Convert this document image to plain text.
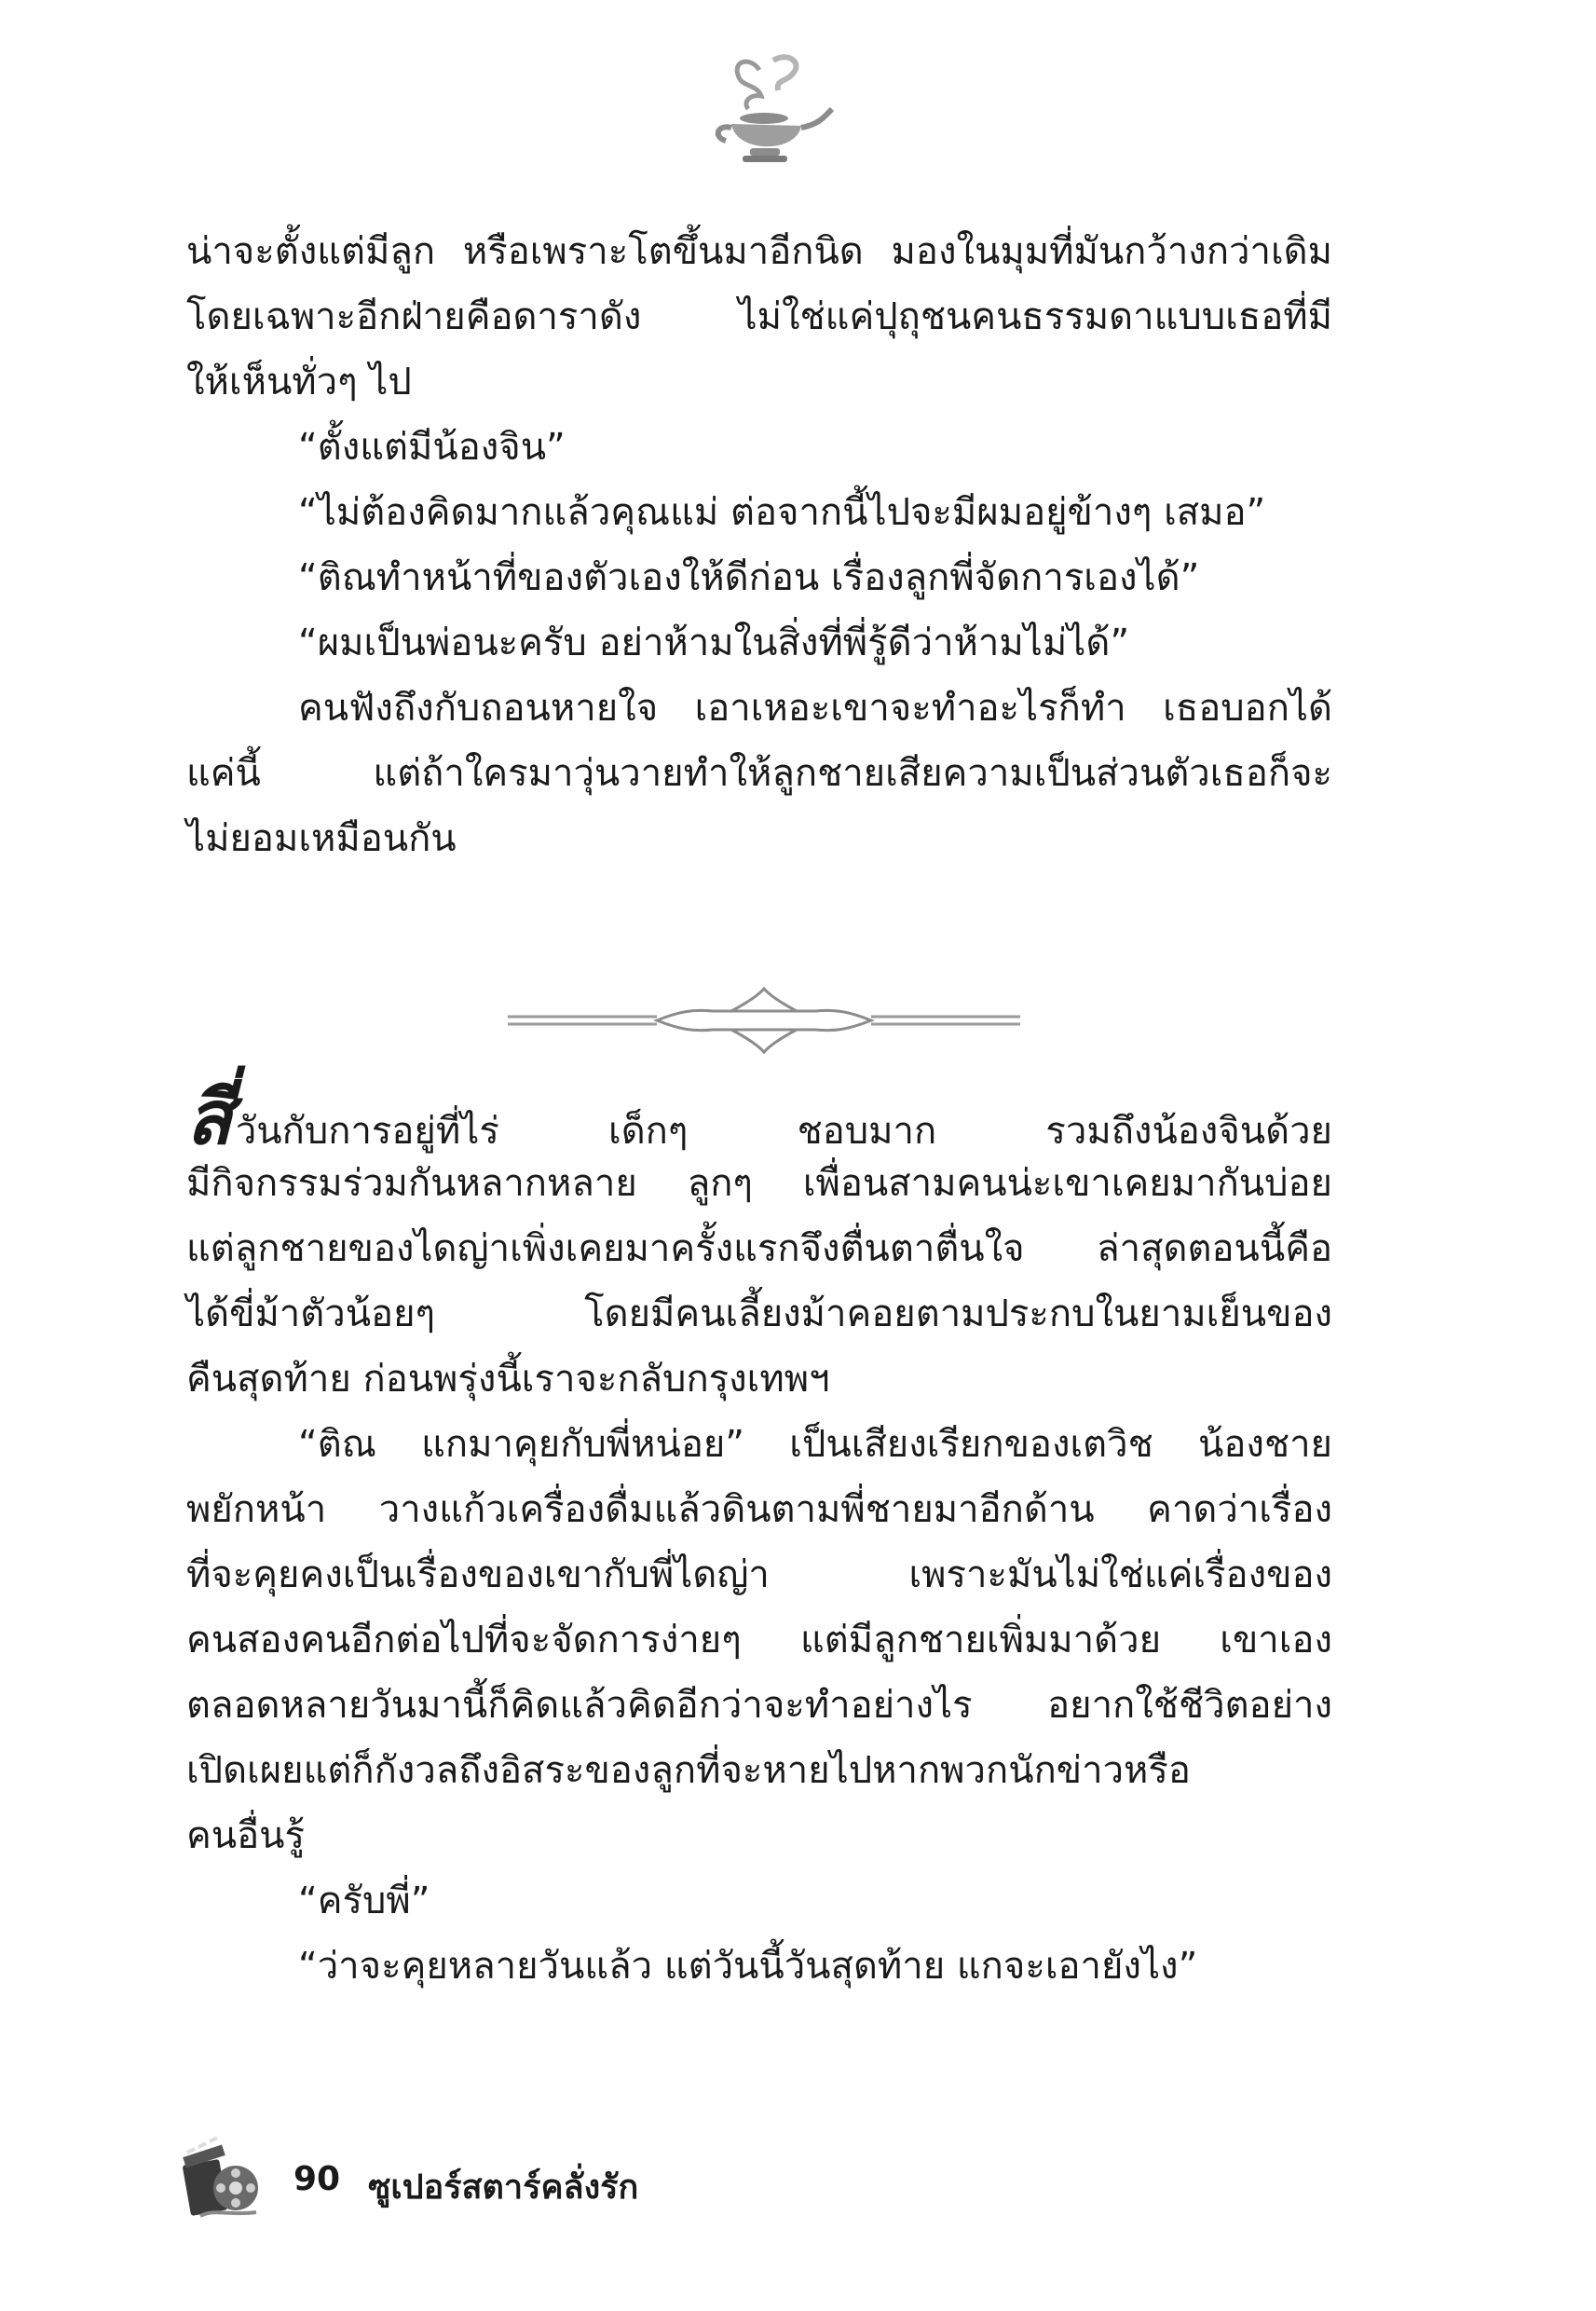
น่าจะตั้งแต่มีลูก หรือเพราะโตขึ้นมาอีกนิด มองในมุมที่มันกว้างกว่าเดิม
โดยเฉพาะอีกฝ่ายคือดาราดัง ไม่ใช่แค่ปุถุชนคนธรรมดาแบบเธอที่มี
ให้เห็นทั่วๆ ไป
“ตั้งแต่มีน้องจิน”
“ไม่ต้องคิดมากแล้วคุณแม่ ต่อจากนี้ไปจะมีผมอยู่ข้างๆ เสมอ”
“ติณทำหน้าที่ของตัวเองให้ดีก่อน เรื่องลูกพี่จัดการเองได้”
“ผมเป็นพ่อนะครับ อย่าห้ามในสิ่งที่พี่รู้ดีว่าห้ามไม่ได้”
คนฟังถึงกับถอนหายใจ เอาเหอะเขาจะทำอะไรก็ทำ เธอบอกได้
แค่นี้ แต่ถ้าใครมาวุ่นวายทำให้ลูกชายเสียความเป็นส่วนตัวเธอก็จะ
ไม่ยอมเหมือนกัน
สี่วันกับการอยู่ที่ไร่ เด็กๆ ชอบมาก รวมถึงน้องจินด้วย
มีกิจกรรมร่วมกันหลากหลาย ลูกๆ เพื่อนสามคนน่ะเขาเคยมากันบ่อย
แต่ลูกชายของไดญ่าเพิ่งเคยมาครั้งแรกจึงตื่นตาตื่นใจ ล่าสุดตอนนี้คือ
ได้ขี่ม้าตัวน้อยๆ โดยมีคนเลี้ยงม้าคอยตามประกบในยามเย็นของ
คืนสุดท้าย ก่อนพรุ่งนี้เราจะกลับกรุงเทพฯ
“ติณ แกมาคุยกับพี่หน่อย” เป็นเสียงเรียกของเตวิช น้องชาย
พยักหน้า วางแก้วเครื่องดื่มแล้วดินตามพี่ชายมาอีกด้าน คาดว่าเรื่อง
ที่จะคุยคงเป็นเรื่องของเขากับพี่ไดญ่า เพราะมันไม่ใช่แค่เรื่องของ
คนสองคนอีกต่อไปที่จะจัดการง่ายๆ แต่มีลูกชายเพิ่มมาด้วย เขาเอง
ตลอดหลายวันมานี้ก็คิดแล้วคิดอีกว่าจะทำอย่างไร อยากใช้ชีวิตอย่าง
เปิดเผยแต่ก็กังวลถึงอิสระของลูกที่จะหายไปหากพวกนักข่าวหรือ
คนอื่นรู้
“ครับพี่”
“ว่าจะคุยหลายวันแล้ว แต่วันนี้วันสุดท้าย แกจะเอายังไง”
90 ซูเปอร์สตาร์คลั่งรัก
